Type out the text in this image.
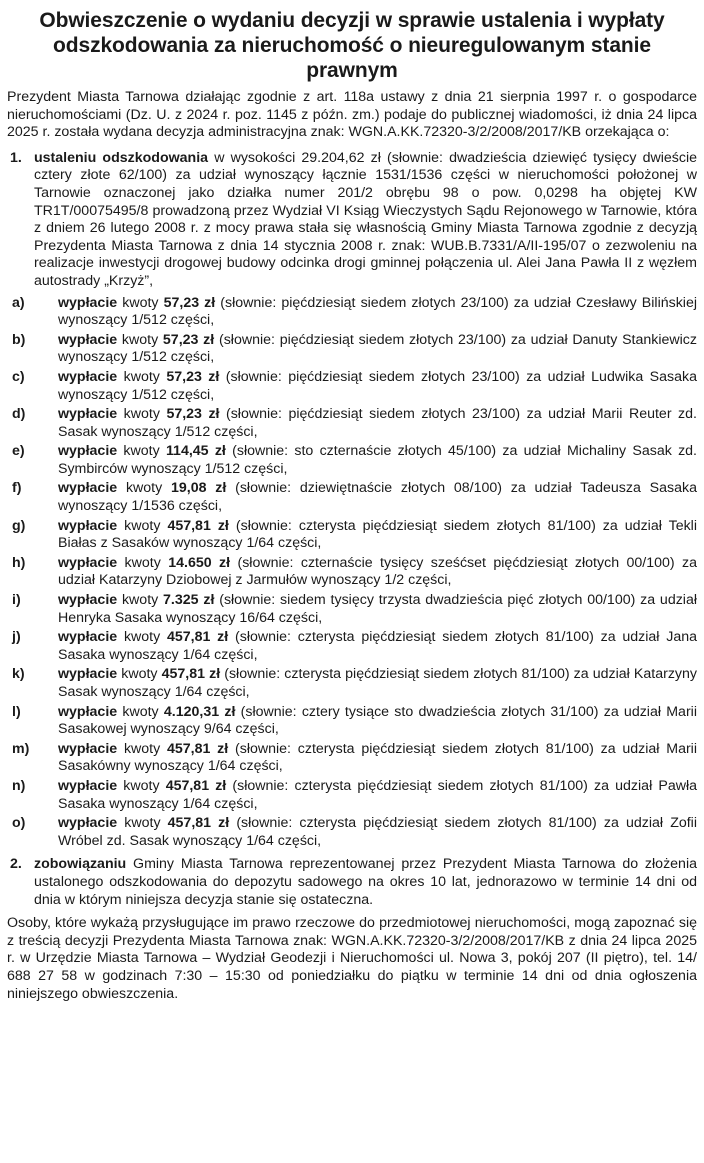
Obwieszczenie o wydaniu decyzji w sprawie ustalenia i wypłaty odszkodowania za nieruchomość o nieuregulowanym stanie prawnym

Prezydent Miasta Tarnowa działając zgodnie z art. 118a ustawy z dnia 21 sierpnia 1997 r. o gospodarce nieruchomościami (Dz. U. z 2024 r. poz. 1145 z późn. zm.) podaje do publicznej wiadomości, iż dnia 24 lipca 2025 r. została wydana decyzja administracyjna znak: WGN.A.KK.72320-3/2/2008/2017/KB orzekająca o:

1. ustaleniu odszkodowania w wysokości 29.204,62 zł (słownie: dwadzieścia dziewięć tysięcy dwieście cztery złote 62/100) za udział wynoszący łącznie 1531/1536 części w nieruchomości położonej w Tarnowie oznaczonej jako działka numer 201/2 obrębu 98 o pow. 0,0298 ha objętej KW TR1T/00075495/8 prowadzoną przez Wydział VI Ksiąg Wieczystych Sądu Rejonowego w Tarnowie, która z dniem 26 lutego 2008 r. z mocy prawa stała się własnością Gminy Miasta Tarnowa zgodnie z decyzją Prezydenta Miasta Tarnowa z dnia 14 stycznia 2008 r. znak: WUB.B.7331/A/II-195/07 o zezwoleniu na realizacje inwestycji drogowej budowy odcinka drogi gminnej połączenia ul. Alei Jana Pawła II z węzłem autostrady „Krzyż”,
a) wypłacie kwoty 57,23 zł (słownie: pięćdziesiąt siedem złotych 23/100) za udział Czesławy Bilińskiej wynoszący 1/512 części,
b) wypłacie kwoty 57,23 zł (słownie: pięćdziesiąt siedem złotych 23/100) za udział Danuty Stankiewicz wynoszący 1/512 części,
c) wypłacie kwoty 57,23 zł (słownie: pięćdziesiąt siedem złotych 23/100) za udział Ludwika Sasaka wynoszący 1/512 części,
d) wypłacie kwoty 57,23 zł (słownie: pięćdziesiąt siedem złotych 23/100) za udział Marii Reuter zd. Sasak wynoszący 1/512 części,
e) wypłacie kwoty 114,45 zł (słownie: sto czternaście złotych 45/100) za udział Michaliny Sasak zd. Symbirców wynoszący 1/512 części,
f)	wypłacie kwoty 19,08 zł (słownie: dziewiętnaście złotych 08/100) za udział Tadeusza Sasaka wynoszący 1/1536 części,
g) wypłacie kwoty 457,81 zł (słownie: czterysta pięćdziesiąt siedem złotych 81/100) za udział Tekli Białas z Sasaków wynoszący 1/64 części,
h) wypłacie kwoty 14.650 zł (słownie: czternaście tysięcy sześćset pięćdziesiąt złotych 00/100) za udział Katarzyny Dziobowej z Jarmułów wynoszący 1/2 części,
i)	wypłacie kwoty 7.325 zł (słownie: siedem tysięcy trzysta dwadzieścia pięć złotych 00/100) za udział Henryka Sasaka wynoszący 16/64 części,
j)	wypłacie kwoty 457,81 zł (słownie: czterysta pięćdziesiąt siedem złotych 81/100) za udział Jana Sasaka wynoszący 1/64 części,
k) wypłacie kwoty 457,81 zł (słownie: czterysta pięćdziesiąt siedem złotych 81/100) za udział Katarzyny Sasak wynoszący 1/64 części,
l)	wypłacie kwoty 4.120,31 zł (słownie: cztery tysiące sto dwadzieścia złotych 31/100) za udział Marii Sasakowej wynoszący 9/64 części,
m) wypłacie kwoty 457,81 zł (słownie: czterysta pięćdziesiąt siedem złotych 81/100) za udział Marii Sasakówny wynoszący 1/64 części,
n) wypłacie kwoty 457,81 zł (słownie: czterysta pięćdziesiąt siedem złotych 81/100) za udział Pawła Sasaka wynoszący 1/64 części,
o) wypłacie kwoty 457,81 zł (słownie: czterysta pięćdziesiąt siedem złotych 81/100) za udział Zofii Wróbel zd. Sasak wynoszący 1/64 części,
2. zobowiązaniu Gminy Miasta Tarnowa reprezentowanej przez Prezydent Miasta Tarnowa do złożenia ustalonego odszkodowania do depozytu sadowego na okres 10 lat, jednorazowo w terminie 14 dni od dnia w którym niniejsza decyzja stanie się ostateczna.

Osoby, które wykażą przysługujące im prawo rzeczowe do przedmiotowej nieruchomości, mogą zapoznać się z treścią decyzji Prezydenta Miasta Tarnowa znak: WGN.A.KK.72320-3/2/2008/2017/KB z dnia 24 lipca 2025 r. w Urzędzie Miasta Tarnowa – Wydział Geodezji i Nieruchomości ul. Nowa 3, pokój 207 (II piętro), tel. 14/ 688 27 58 w godzinach 7:30 – 15:30 od poniedziałku do piątku w terminie 14 dni od dnia ogłoszenia niniejszego obwieszczenia.
